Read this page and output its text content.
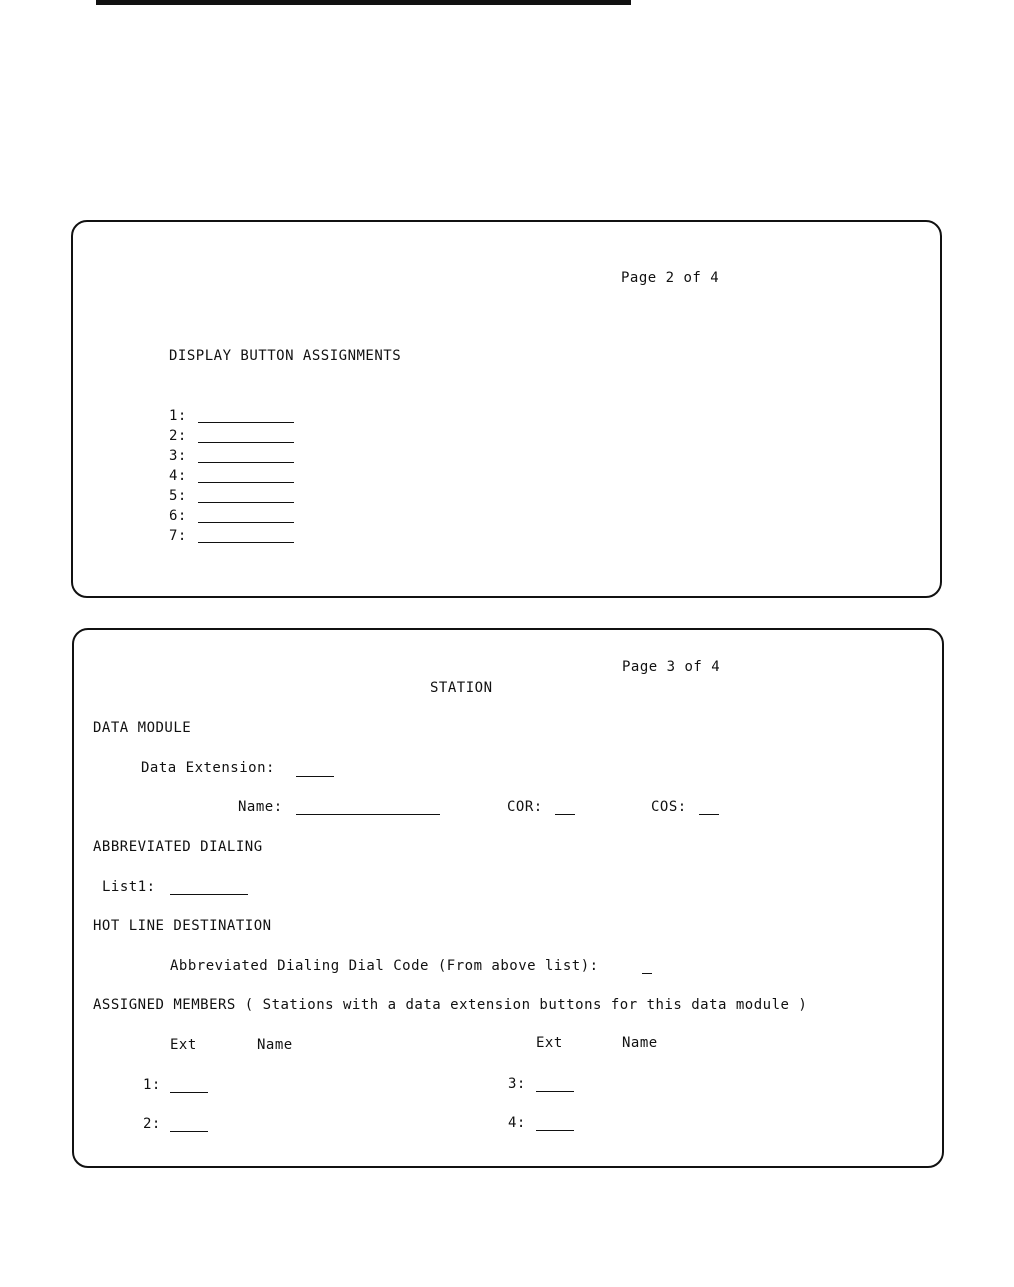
Page 2 of 4
DISPLAY BUTTON ASSIGNMENTS
1:
2:
3:
4:
5:
6:
7:
Page 3 of 4
STATION
DATA MODULE
Data Extension:
Name:	COR:	COS:
ABBREVIATED DIALING
List1:
HOT LINE DESTINATION
Abbreviated Dialing Dial Code (From above list):
ASSIGNED MEMBERS ( Stations with a data extension buttons for this data module )
Ext	Name	Ext	Name
1:
2:
3:
4:
